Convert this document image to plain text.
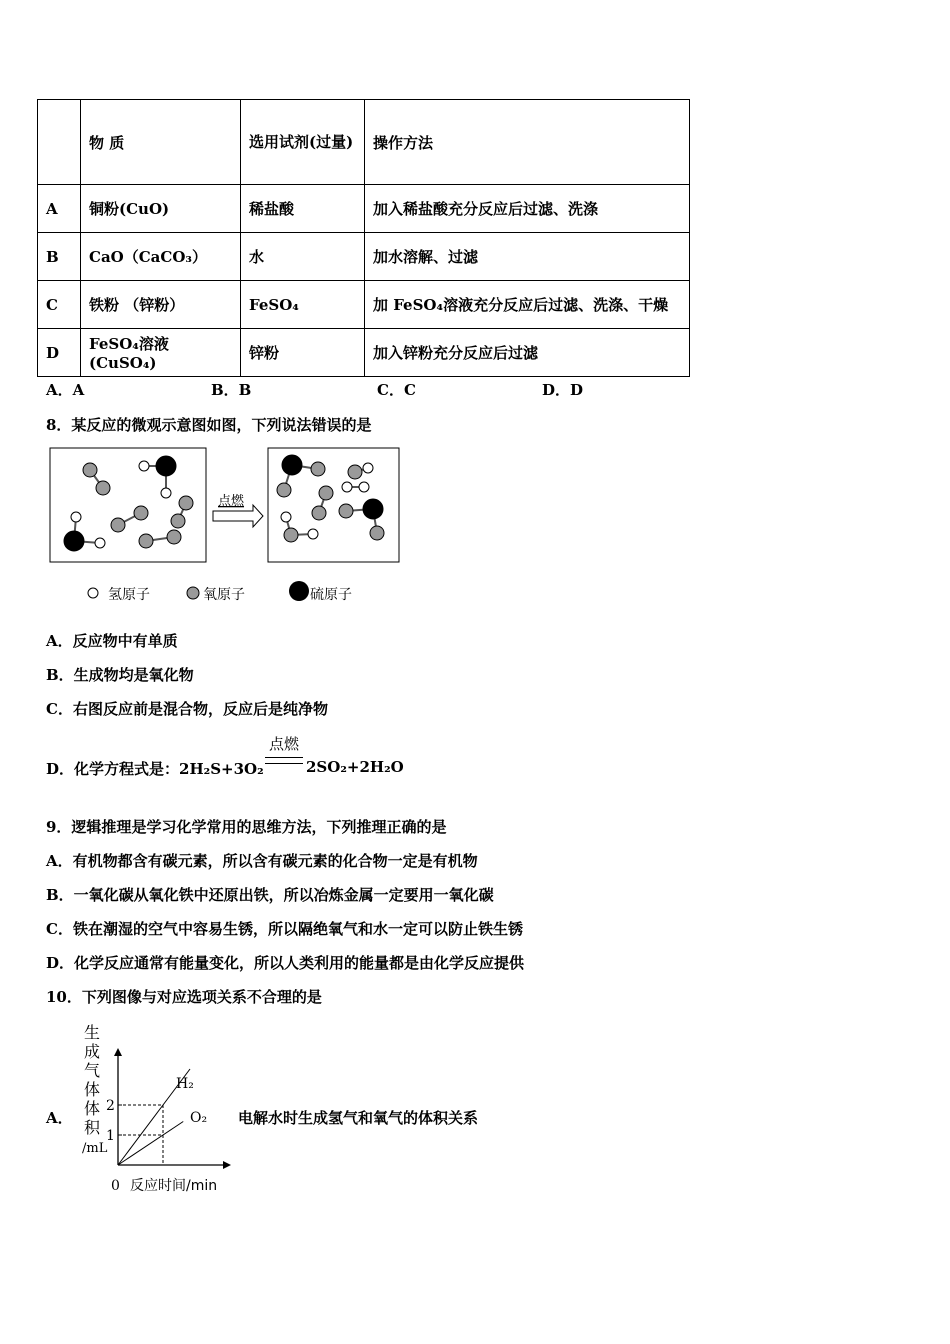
	物 质	选用试剂(过量)	操作方法
A	铜粉(CuO)	稀盐酸	加入稀盐酸充分反应后过滤、洗涤
B	CaO（CaCO₃）	水	加水溶解、过滤
C	铁粉 （锌粉）	FeSO₄	加 FeSO₄溶液充分反应后过滤、洗涤、干燥
D	FeSO₄溶液(CuSO₄)	锌粉	加入锌粉充分反应后过滤
A．A	B．B	C．C	D．D
8．某反应的微观示意图如图，下列说法错误的是
点燃
氢原子	氧原子	硫原子
A．反应物中有单质
B．生成物均是氧化物
C．右图反应前是混合物，反应后是纯净物
D．化学方程式是：2H₂S+3O₂
点燃
2SO₂+2H₂O
9．逻辑推理是学习化学常用的思维方法，下列推理正确的是
A．有机物都含有碳元素，所以含有碳元素的化合物一定是有机物
B．一氧化碳从氧化铁中还原出铁，所以冶炼金属一定要用一氧化碳
C．铁在潮湿的空气中容易生锈，所以隔绝氧气和水一定可以防止铁生锈
D．化学反应通常有能量变化，所以人类利用的能量都是由化学反应提供
10．下列图像与对应选项关系不合理的是
A．	电解水时生成氢气和氧气的体积关系
生
成
气
体
体
积
/mL
1
2
H₂
O₂
0 反应时间/min
